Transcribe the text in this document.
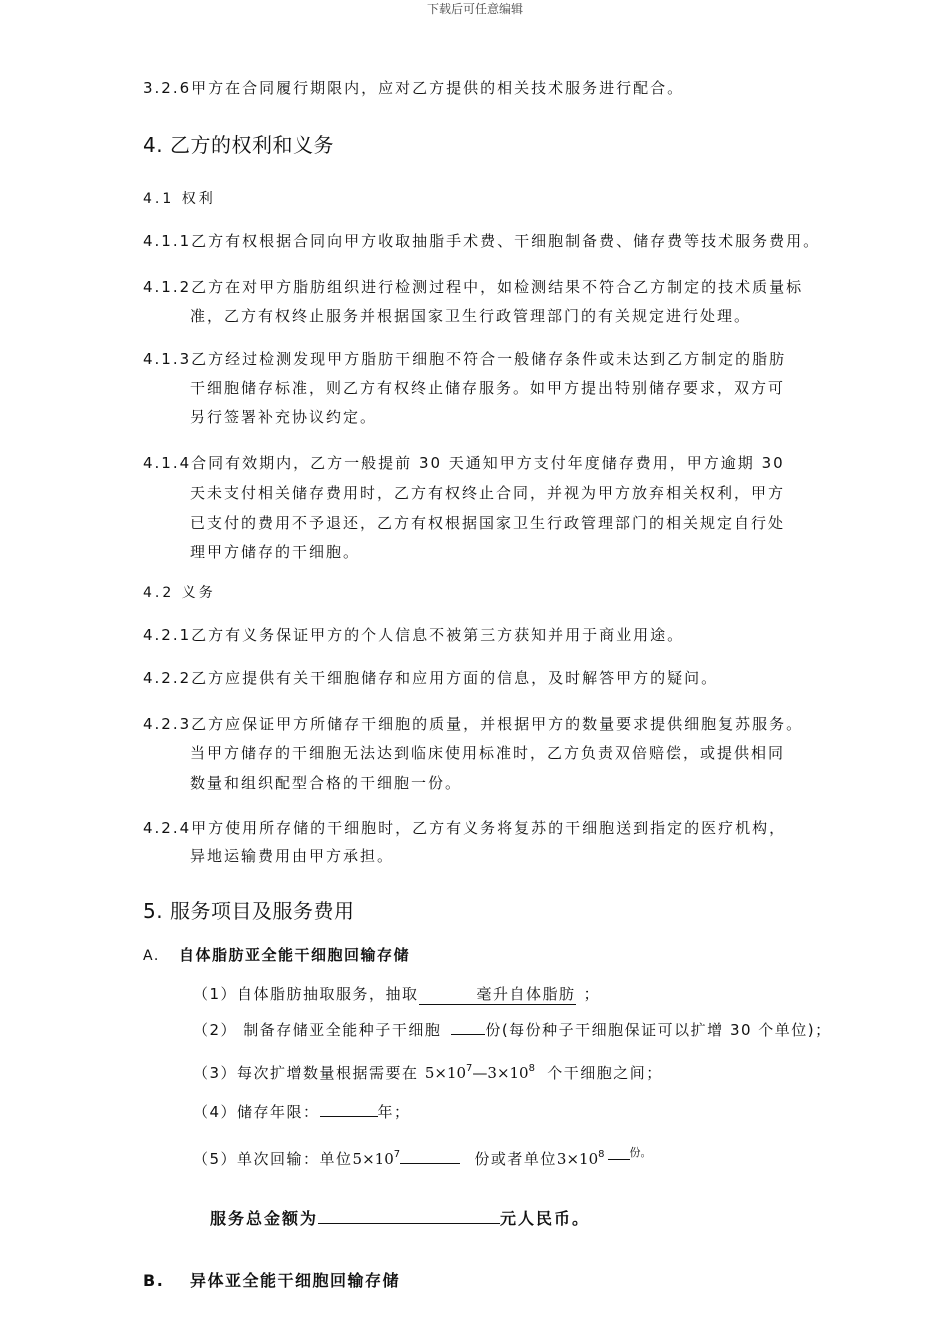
下载后可任意编辑
3.2.6甲方在合同履行期限内，应对乙方提供的相关技术服务进行配合。
4. 乙方的权利和义务
4.1 权利
4.1.1乙方有权根据合同向甲方收取抽脂手术费、干细胞制备费、储存费等技术服务费用。
4.1.2乙方在对甲方脂肪组织进行检测过程中，如检测结果不符合乙方制定的技术质量标
准，乙方有权终止服务并根据国家卫生行政管理部门的有关规定进行处理。
4.1.3乙方经过检测发现甲方脂肪干细胞不符合一般储存条件或未达到乙方制定的脂肪
干细胞储存标准，则乙方有权终止储存服务。如甲方提出特别储存要求，双方可
另行签署补充协议约定。
4.1.4合同有效期内，乙方一般提前 30 天通知甲方支付年度储存费用，甲方逾期 30
天未支付相关储存费用时，乙方有权终止合同，并视为甲方放弃相关权利，甲方
已支付的费用不予退还，乙方有权根据国家卫生行政管理部门的相关规定自行处
理甲方储存的干细胞。
4.2 义务
4.2.1乙方有义务保证甲方的个人信息不被第三方获知并用于商业用途。
4.2.2乙方应提供有关干细胞储存和应用方面的信息，及时解答甲方的疑问。
4.2.3乙方应保证甲方所储存干细胞的质量，并根据甲方的数量要求提供细胞复苏服务。
当甲方储存的干细胞无法达到临床使用标准时，乙方负责双倍赔偿，或提供相同
数量和组织配型合格的干细胞一份。
4.2.4甲方使用所存储的干细胞时，乙方有义务将复苏的干细胞送到指定的医疗机构，
异地运输费用由甲方承担。
5. 服务项目及服务费用
A. 自体脂肪亚全能干细胞回输存储
（1）自体脂肪抽取服务，抽取	毫升自体脂肪 ；
（2） 制备存储亚全能种子干细胞	份(每份种子干细胞保证可以扩增 30 个单位)；
（3）每次扩增数量根据需要在 $5\times 10^7—3\times 10^8$ 个干细胞之间；
（4）储存年限：	年；
（5）单次回输：单位$5\times 10^7$	份或者单位$3\times 10^8$ $^{份。}$
服务总金额为	元人民币。
B. 异体亚全能干细胞回输存储
